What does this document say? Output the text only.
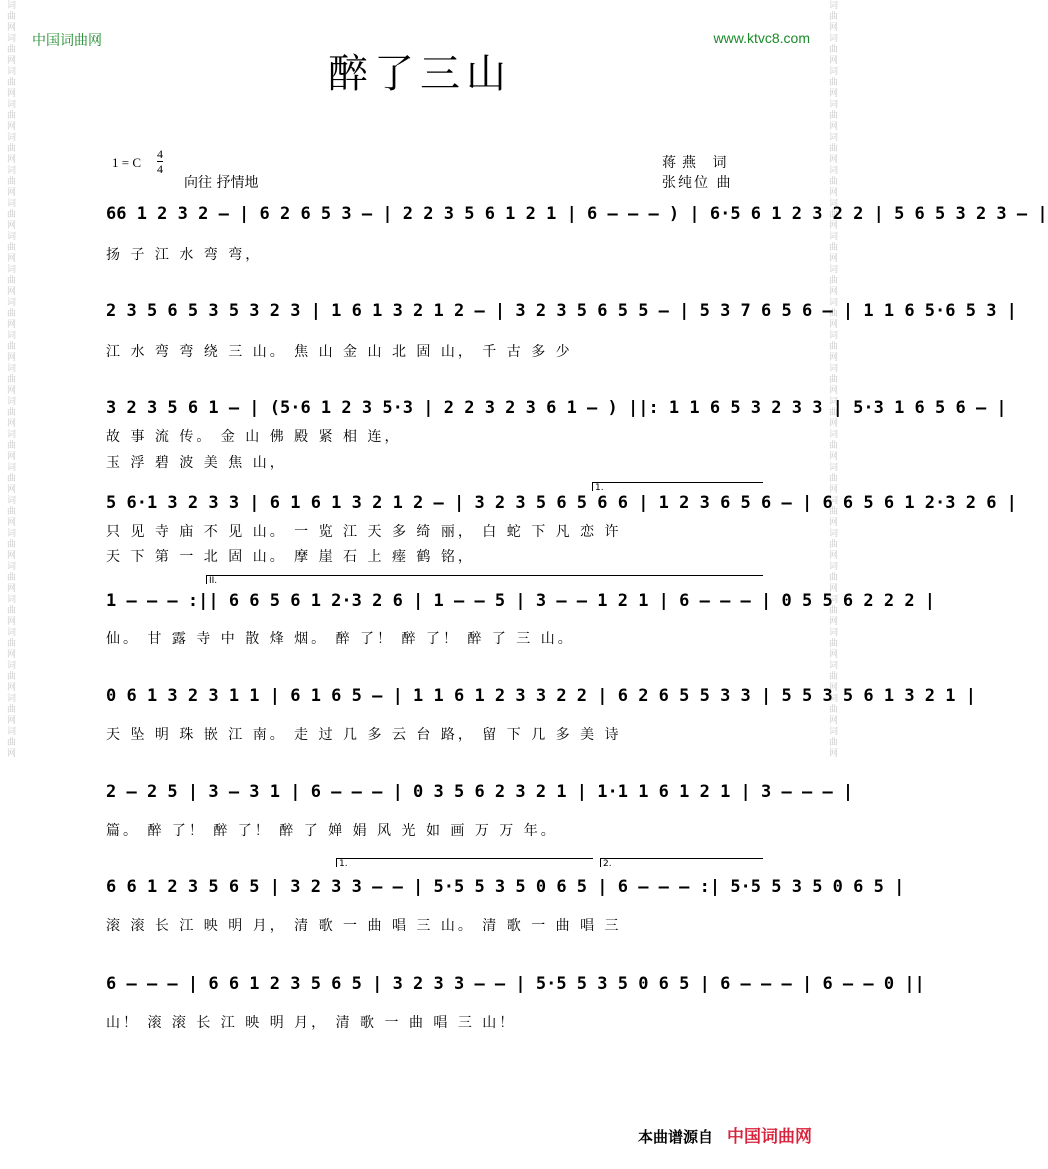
词曲网词曲网词曲网词曲网词曲网词曲网词曲网词曲网词曲网词曲网词曲网词曲网词曲网词曲网词曲网词曲网词曲网词曲网词曲网词曲网词曲网词曲网词曲网	词曲网词曲网词曲网词曲网词曲网词曲网词曲网词曲网词曲网词曲网词曲网词曲网词曲网词曲网词曲网词曲网词曲网词曲网词曲网词曲网词曲网词曲网词曲网
中国词曲网	www.ktvc8.com
醉了三山
1 = C $\frac{4}{4}$
向往 抒情地
蒋燕 词
张纯位 曲
66 1 2 3 2 – | 6 2 6 5 3 – | 2 2 3 5 6 1 2 1 | 6 – – – ) | 6·5 6 1 2 3 2 2 | 5 6 5 3 2 3 – |
扬 子 江 水 弯 弯，
2 3 5 6 5 3 5 3 2 3 | 1 6 1 3 2 1 2 – | 3 2 3 5 6 5 5 – | 5 3 7 6 5 6 – | 1 1 6 5·6 5 3 |
江 水 弯 弯 绕 三 山。 焦 山 金 山 北 固 山， 千 古 多 少
3 2 3 5 6 1 – | (5·6 1 2 3 5·3 | 2 2 3 2 3 6 1 – ) ||: 1 1 6 5 3 2 3 3 | 5·3 1 6 5 6 – |
故 事 流 传。 金 山 佛 殿 紧 相 连，
玉 浮 碧 波 美 焦 山，
1.
5 6·1 3 2 3 3 | 6 1 6 1 3 2 1 2 – | 3 2 3 5 6 5 6 6 | 1 2 3 6 5 6 – | 6 6 5 6 1 2·3 2 6 |
只 见 寺 庙 不 见 山。 一 览 江 天 多 绮 丽， 白 蛇 下 凡 恋 许
天 下 第 一 北 固 山。 摩 崖 石 上 瘗 鹤 铭，
II.
1 – – – :|| 6 6 5 6 1 2·3 2 6 | 1 – – 5 | 3 – – 1 2 1 | 6 – – – | 0 5 5 6 2 2 2 |
仙。 甘 露 寺 中 散 烽 烟。 醉 了！ 醉 了！ 醉 了 三 山。
0 6 1 3 2 3 1 1 | 6 1 6 5 – | 1 1 6 1 2 3 3 2 2 | 6 2 6 5 5 3 3 | 5 5 3 5 6 1 3 2 1 |
天 坠 明 珠 嵌 江 南。 走 过 几 多 云 台 路， 留 下 几 多 美 诗
2 – 2 5 | 3 – 3 1 | 6 – – – | 0 3 5 6 2 3 2 1 | 1·1 1 6 1 2 1 | 3 – – – |
篇。 醉 了！ 醉 了！ 醉 了 婵 娟 风 光 如 画 万 万 年。
1.	2.
6 6 1 2 3 5 6 5 | 3 2 3 3 – – | 5·5 5 3 5 0 6 5 | 6 – – – :| 5·5 5 3 5 0 6 5 |
滚 滚 长 江 映 明 月， 清 歌 一 曲 唱 三 山。 清 歌 一 曲 唱 三
6 – – – | 6 6 1 2 3 5 6 5 | 3 2 3 3 – – | 5·5 5 3 5 0 6 5 | 6 – – – | 6 – – 0 ||
山！ 滚 滚 长 江 映 明 月， 清 歌 一 曲 唱 三 山！
本曲谱源自 中国词曲网
